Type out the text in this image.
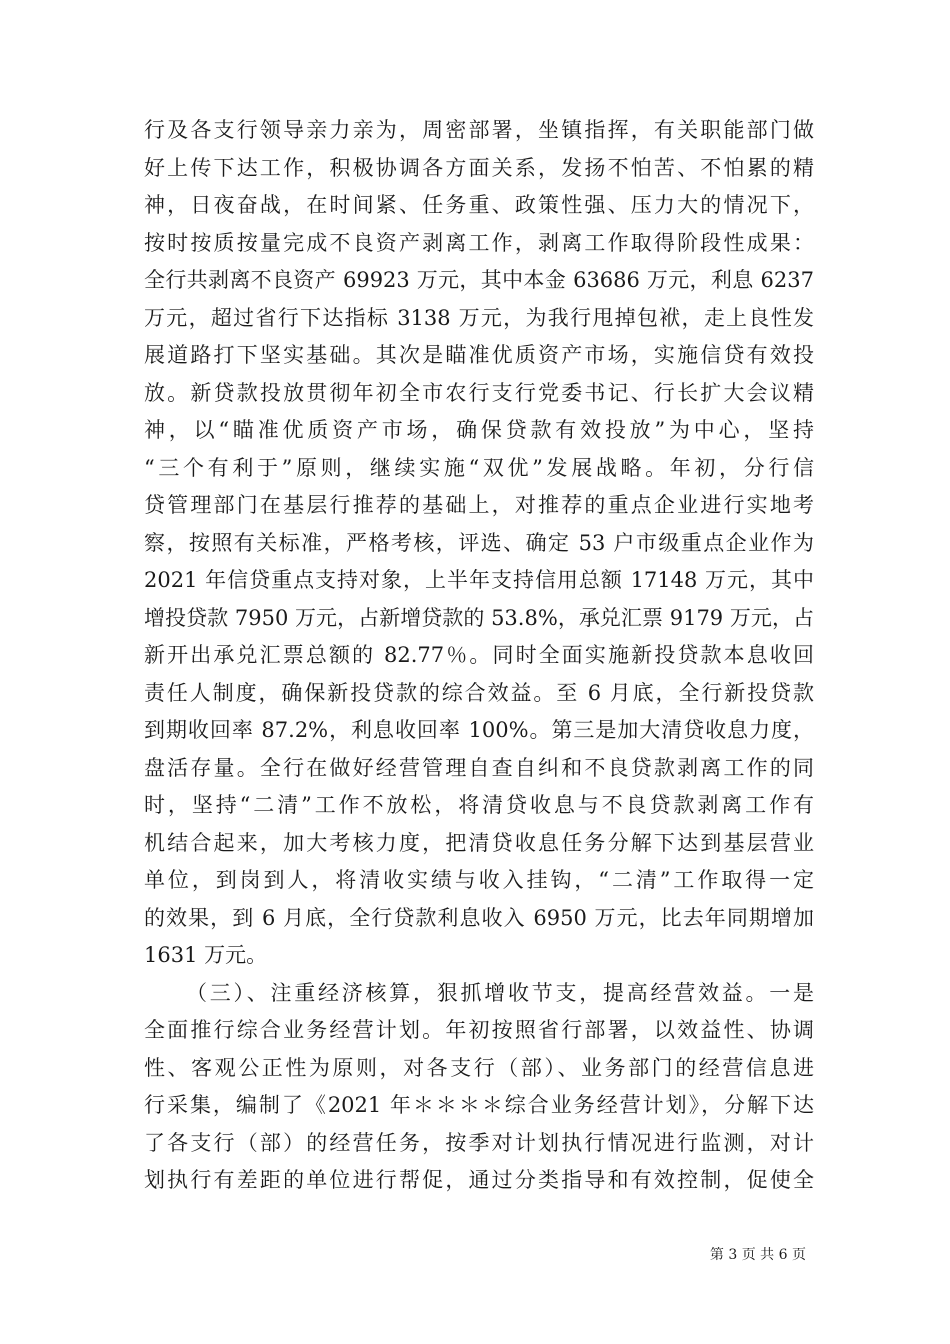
行及各支行领导亲力亲为，周密部署，坐镇指挥，有关职能部门做
好上传下达工作，积极协调各方面关系，发扬不怕苦、不怕累的精
神，日夜奋战，在时间紧、任务重、政策性强、压力大的情况下，
按时按质按量完成不良资产剥离工作，剥离工作取得阶段性成果：
全行共剥离不良资产 69923 万元，其中本金 63686 万元，利息 6237
万元，超过省行下达指标 3138 万元，为我行甩掉包袱，走上良性发
展道路打下坚实基础。其次是瞄准优质资产市场，实施信贷有效投
放。新贷款投放贯彻年初全市农行支行党委书记、行长扩大会议精
神，以“瞄准优质资产市场，确保贷款有效投放”为中心，坚持
“三个有利于”原则，继续实施“双优”发展战略。年初，分行信
贷管理部门在基层行推荐的基础上，对推荐的重点企业进行实地考
察，按照有关标准，严格考核，评选、确定 53 户市级重点企业作为
2021 年信贷重点支持对象，上半年支持信用总额 17148 万元，其中
增投贷款 7950 万元，占新增贷款的 53.8%，承兑汇票 9179 万元，占
新开出承兑汇票总额的 82.77％。同时全面实施新投贷款本息收回
责任人制度，确保新投贷款的综合效益。至 6 月底，全行新投贷款
到期收回率 87.2%，利息收回率 100%。第三是加大清贷收息力度，
盘活存量。全行在做好经营管理自查自纠和不良贷款剥离工作的同
时，坚持“二清”工作不放松，将清贷收息与不良贷款剥离工作有
机结合起来，加大考核力度，把清贷收息任务分解下达到基层营业
单位，到岗到人，将清收实绩与收入挂钩，“二清”工作取得一定
的效果，到 6 月底，全行贷款利息收入 6950 万元，比去年同期增加
1631 万元。
（三）、注重经济核算，狠抓增收节支，提高经营效益。一是
全面推行综合业务经营计划。年初按照省行部署，以效益性、协调
性、客观公正性为原则，对各支行（部）、业务部门的经营信息进
行采集，编制了《2021 年＊＊＊＊综合业务经营计划》，分解下达
了各支行（部）的经营任务，按季对计划执行情况进行监测，对计
划执行有差距的单位进行帮促，通过分类指导和有效控制，促使全
第 3 页 共 6 页
